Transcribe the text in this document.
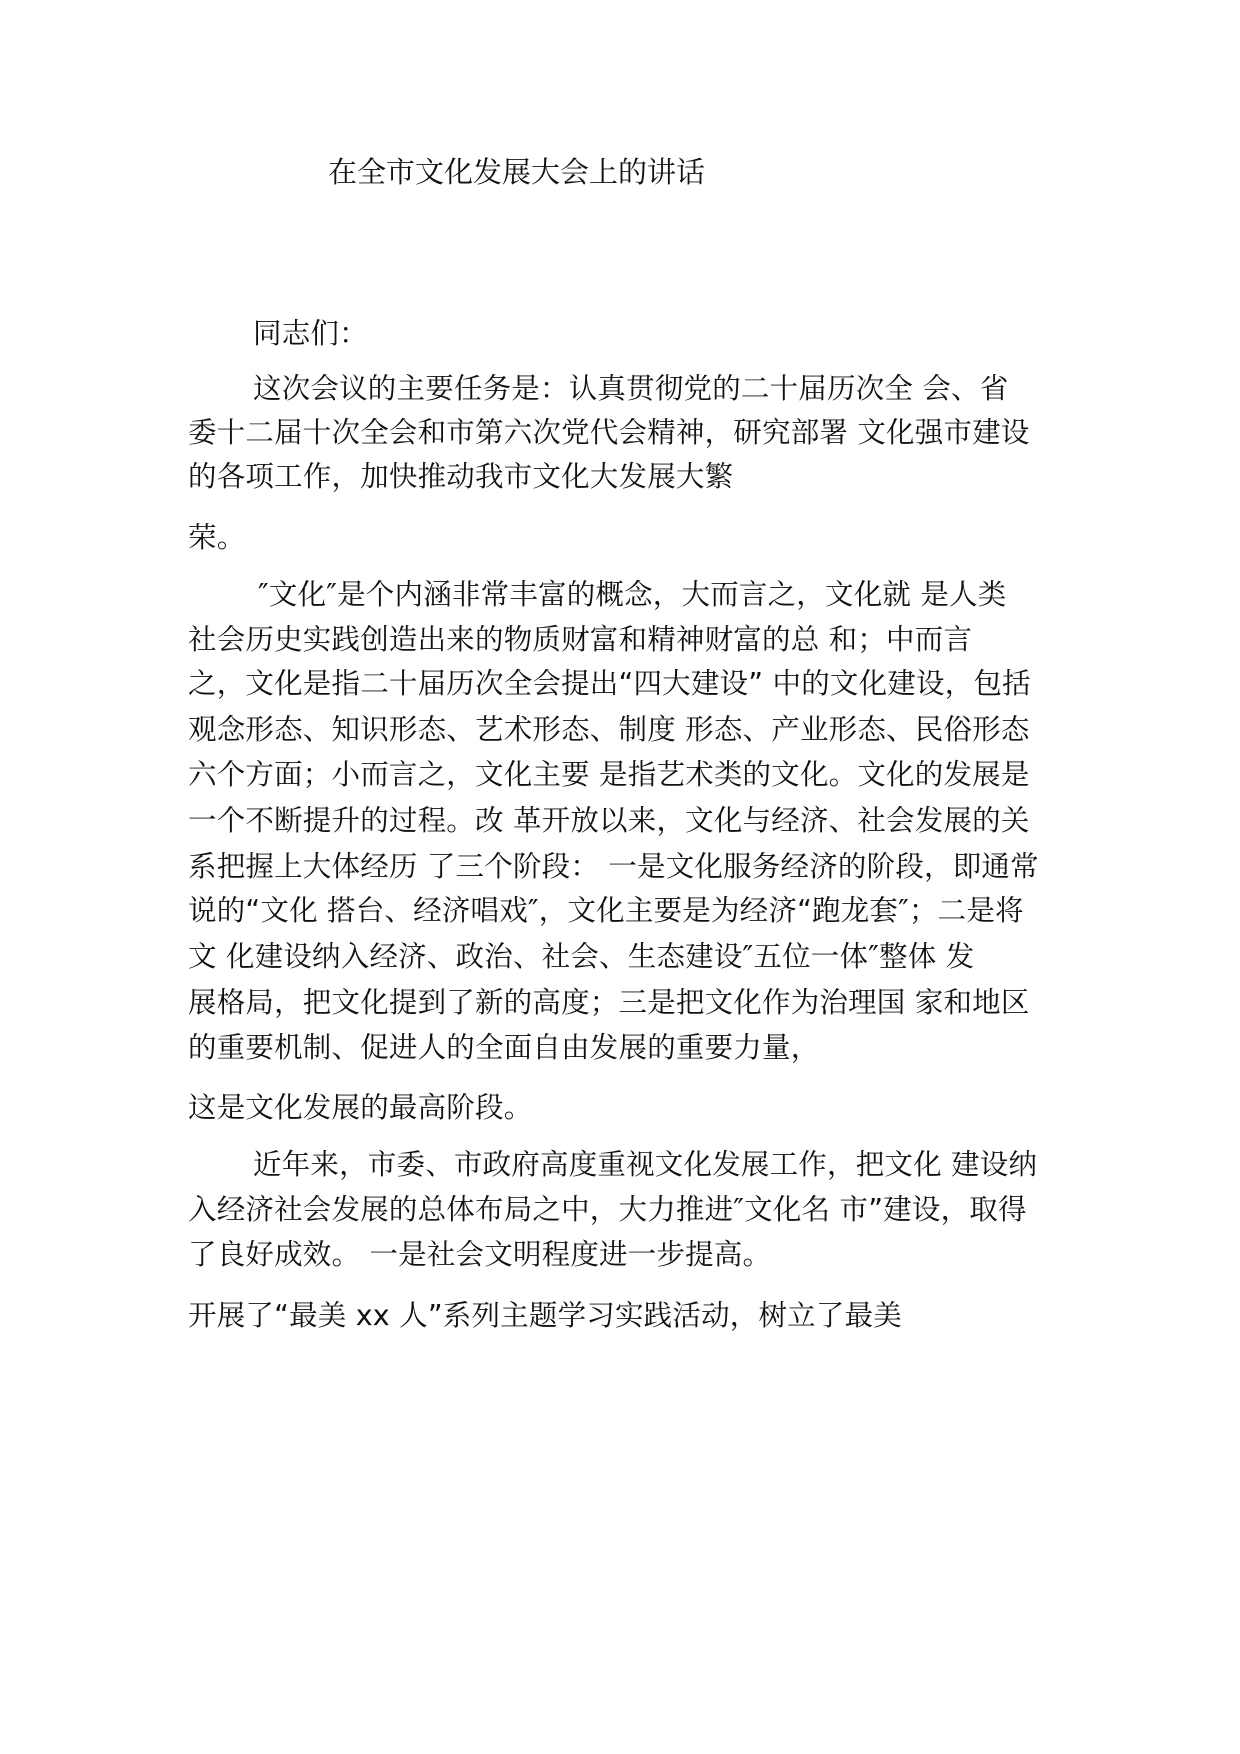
在全市文化发展大会上的讲话
同志们：
这次会议的主要任务是：认真贯彻党的二十届历次全 会、省
委十二届十次全会和市第六次党代会精神，研究部署 文化强市建设
的各项工作，加快推动我市文化大发展大繁
荣。
″文化″是个内涵非常丰富的概念，大而言之，文化就 是人类
社会历史实践创造出来的物质财富和精神财富的总 和；中而言
之，文化是指二十届历次全会提出“四大建设” 中的文化建设，包括
观念形态、知识形态、艺术形态、制度 形态、产业形态、民俗形态
六个方面；小而言之，文化主要 是指艺术类的文化。文化的发展是
一个不断提升的过程。改 革开放以来，文化与经济、社会发展的关
系把握上大体经历 了三个阶段： 一是文化服务经济的阶段，即通常
说的“文化 搭台、经济唱戏″，文化主要是为经济“跑龙套″；二是将
文 化建设纳入经济、政治、社会、生态建设″五位一体″整体 发
展格局，把文化提到了新的高度；三是把文化作为治理国 家和地区
的重要机制、促进人的全面自由发展的重要力量，
这是文化发展的最高阶段。
近年来，市委、市政府高度重视文化发展工作，把文化 建设纳
入经济社会发展的总体布局之中，大力推进″文化名 市”建设，取得
了良好成效。 一是社会文明程度进一步提高。
开展了“最美 xx 人”系列主题学习实践活动，树立了最美
